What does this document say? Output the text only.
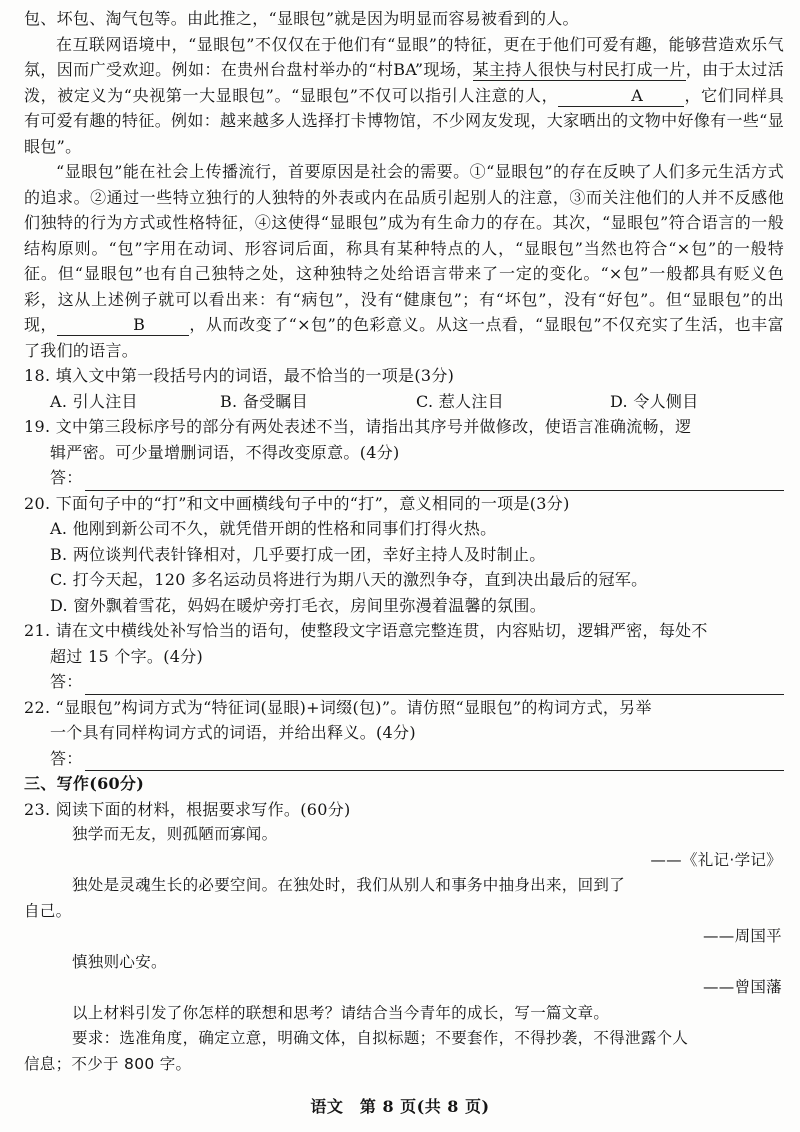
包、坏包、淘气包等。由此推之，“显眼包”就是因为明显而容易被看到的人。

在互联网语境中，“显眼包”不仅仅在于他们有“显眼”的特征，更在于他们可爱有趣，能够营造欢乐气氛，因而广受欢迎。例如：在贵州台盘村举办的“村BA”现场，某主持人很快与村民打成一片，由于太过活泼，被定义为“央视第一大显眼包”。“显眼包”不仅可以指引人注意的人，	A	，它们同样具有可爱有趣的特征。例如：越来越多人选择打卡博物馆，不少网友发现，大家晒出的文物中好像有一些“显眼包”。

“显眼包”能在社会上传播流行，首要原因是社会的需要。①“显眼包”的存在反映了人们多元生活方式的追求。②通过一些特立独行的人独特的外表或内在品质引起别人的注意，③而关注他们的人并不反感他们独特的行为方式或性格特征，④这使得“显眼包”成为有生命力的存在。其次，“显眼包”符合语言的一般结构原则。“包”字用在动词、形容词后面，称具有某种特点的人，“显眼包”当然也符合“×包”的一般特征。但“显眼包”也有自己独特之处，这种独特之处给语言带来了一定的变化。“×包”一般都具有贬义色彩，这从上述例子就可以看出来：有“病包”，没有“健康包”；有“坏包”，没有“好包”。但“显眼包”的出现，	B	，从而改变了“×包”的色彩意义。从这一点看，“显眼包”不仅充实了生活，也丰富了我们的语言。

18. 填入文中第一段括号内的词语，最不恰当的一项是(3分)
A. 引人注目	B. 备受瞩目	C. 惹人注目	D. 令人侧目
19. 文中第三段标序号的部分有两处表述不当，请指出其序号并做修改，使语言准确流畅，逻
辑严密。可少量增删词语，不得改变原意。(4分)
答：
20. 下面句子中的“打”和文中画横线句子中的“打”，意义相同的一项是(3分)
A. 他刚到新公司不久，就凭借开朗的性格和同事们打得火热。
B. 两位谈判代表针锋相对，几乎要打成一团，幸好主持人及时制止。
C. 打今天起，120 多名运动员将进行为期八天的激烈争夺，直到决出最后的冠军。
D. 窗外飘着雪花，妈妈在暖炉旁打毛衣，房间里弥漫着温馨的氛围。
21. 请在文中横线处补写恰当的语句，使整段文字语意完整连贯，内容贴切，逻辑严密，每处不
超过 15 个字。(4分)
答：
22. “显眼包”构词方式为“特征词(显眼)+词缀(包)”。请仿照“显眼包”的构词方式，另举
一个具有同样构词方式的词语，并给出释义。(4分)
答：
三、写作(60分)
23. 阅读下面的材料，根据要求写作。(60分)
独学而无友，则孤陋而寡闻。
——《礼记·学记》
独处是灵魂生长的必要空间。在独处时，我们从别人和事务中抽身出来，回到了
自己。
——周国平
慎独则心安。
——曾国藩
以上材料引发了你怎样的联想和思考？请结合当今青年的成长，写一篇文章。
要求：选准角度，确定立意，明确文体，自拟标题；不要套作，不得抄袭，不得泄露个人
信息；不少于 800 字。
语文　第 8 页(共 8 页)
